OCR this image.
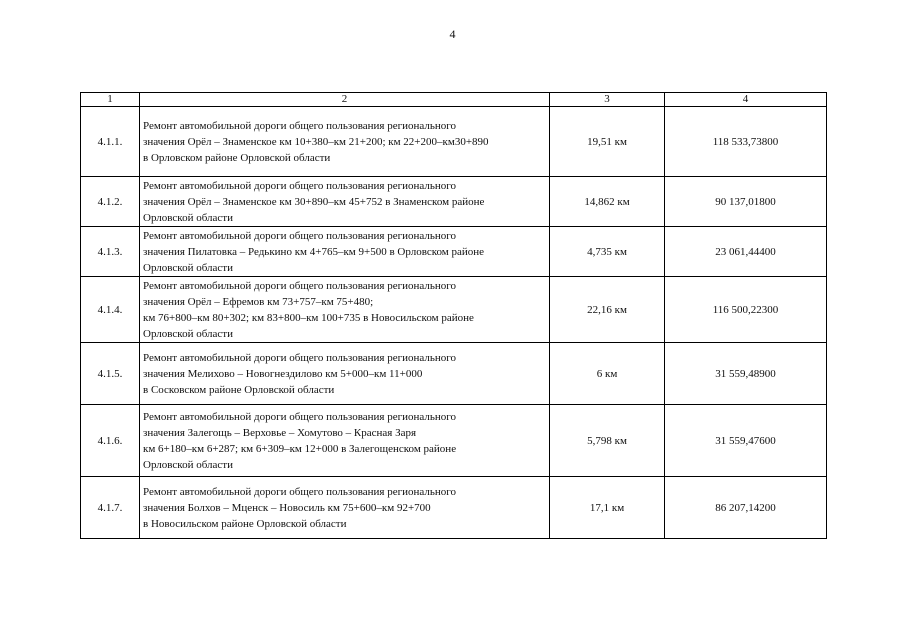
4
1	2	3	4
4.1.1.	Ремонт автомобильной дороги общего пользования регионального
значения Орёл – Знаменское км 10+380–км 21+200; км 22+200–км30+890
в Орловском районе Орловской области	19,51 км	118 533,73800
4.1.2.	Ремонт автомобильной дороги общего пользования регионального
значения Орёл – Знаменское км 30+890–км 45+752 в Знаменском районе
Орловской области	14,862 км	90 137,01800
4.1.3.	Ремонт автомобильной дороги общего пользования регионального
значения Пилатовка – Редькино км 4+765–км 9+500 в Орловском районе
Орловской области	4,735 км	23 061,44400
4.1.4.	Ремонт автомобильной дороги общего пользования регионального
значения Орёл – Ефремов км 73+757–км 75+480;
км 76+800–км 80+302; км 83+800–км 100+735 в Новосильском районе
Орловской области	22,16 км	116 500,22300
4.1.5.	Ремонт автомобильной дороги общего пользования регионального
значения Мелихово – Новогнездилово км 5+000–км 11+000
в Сосковском районе Орловской области	6 км	31 559,48900
4.1.6.	Ремонт автомобильной дороги общего пользования регионального
значения Залегощь – Верховье – Хомутово – Красная Заря
км 6+180–км 6+287; км 6+309–км 12+000 в Залегощенском районе
Орловской области	5,798 км	31 559,47600
4.1.7.	Ремонт автомобильной дороги общего пользования регионального
значения Болхов – Мценск – Новосиль км 75+600–км 92+700
в Новосильском районе Орловской области	17,1 км	86 207,14200
